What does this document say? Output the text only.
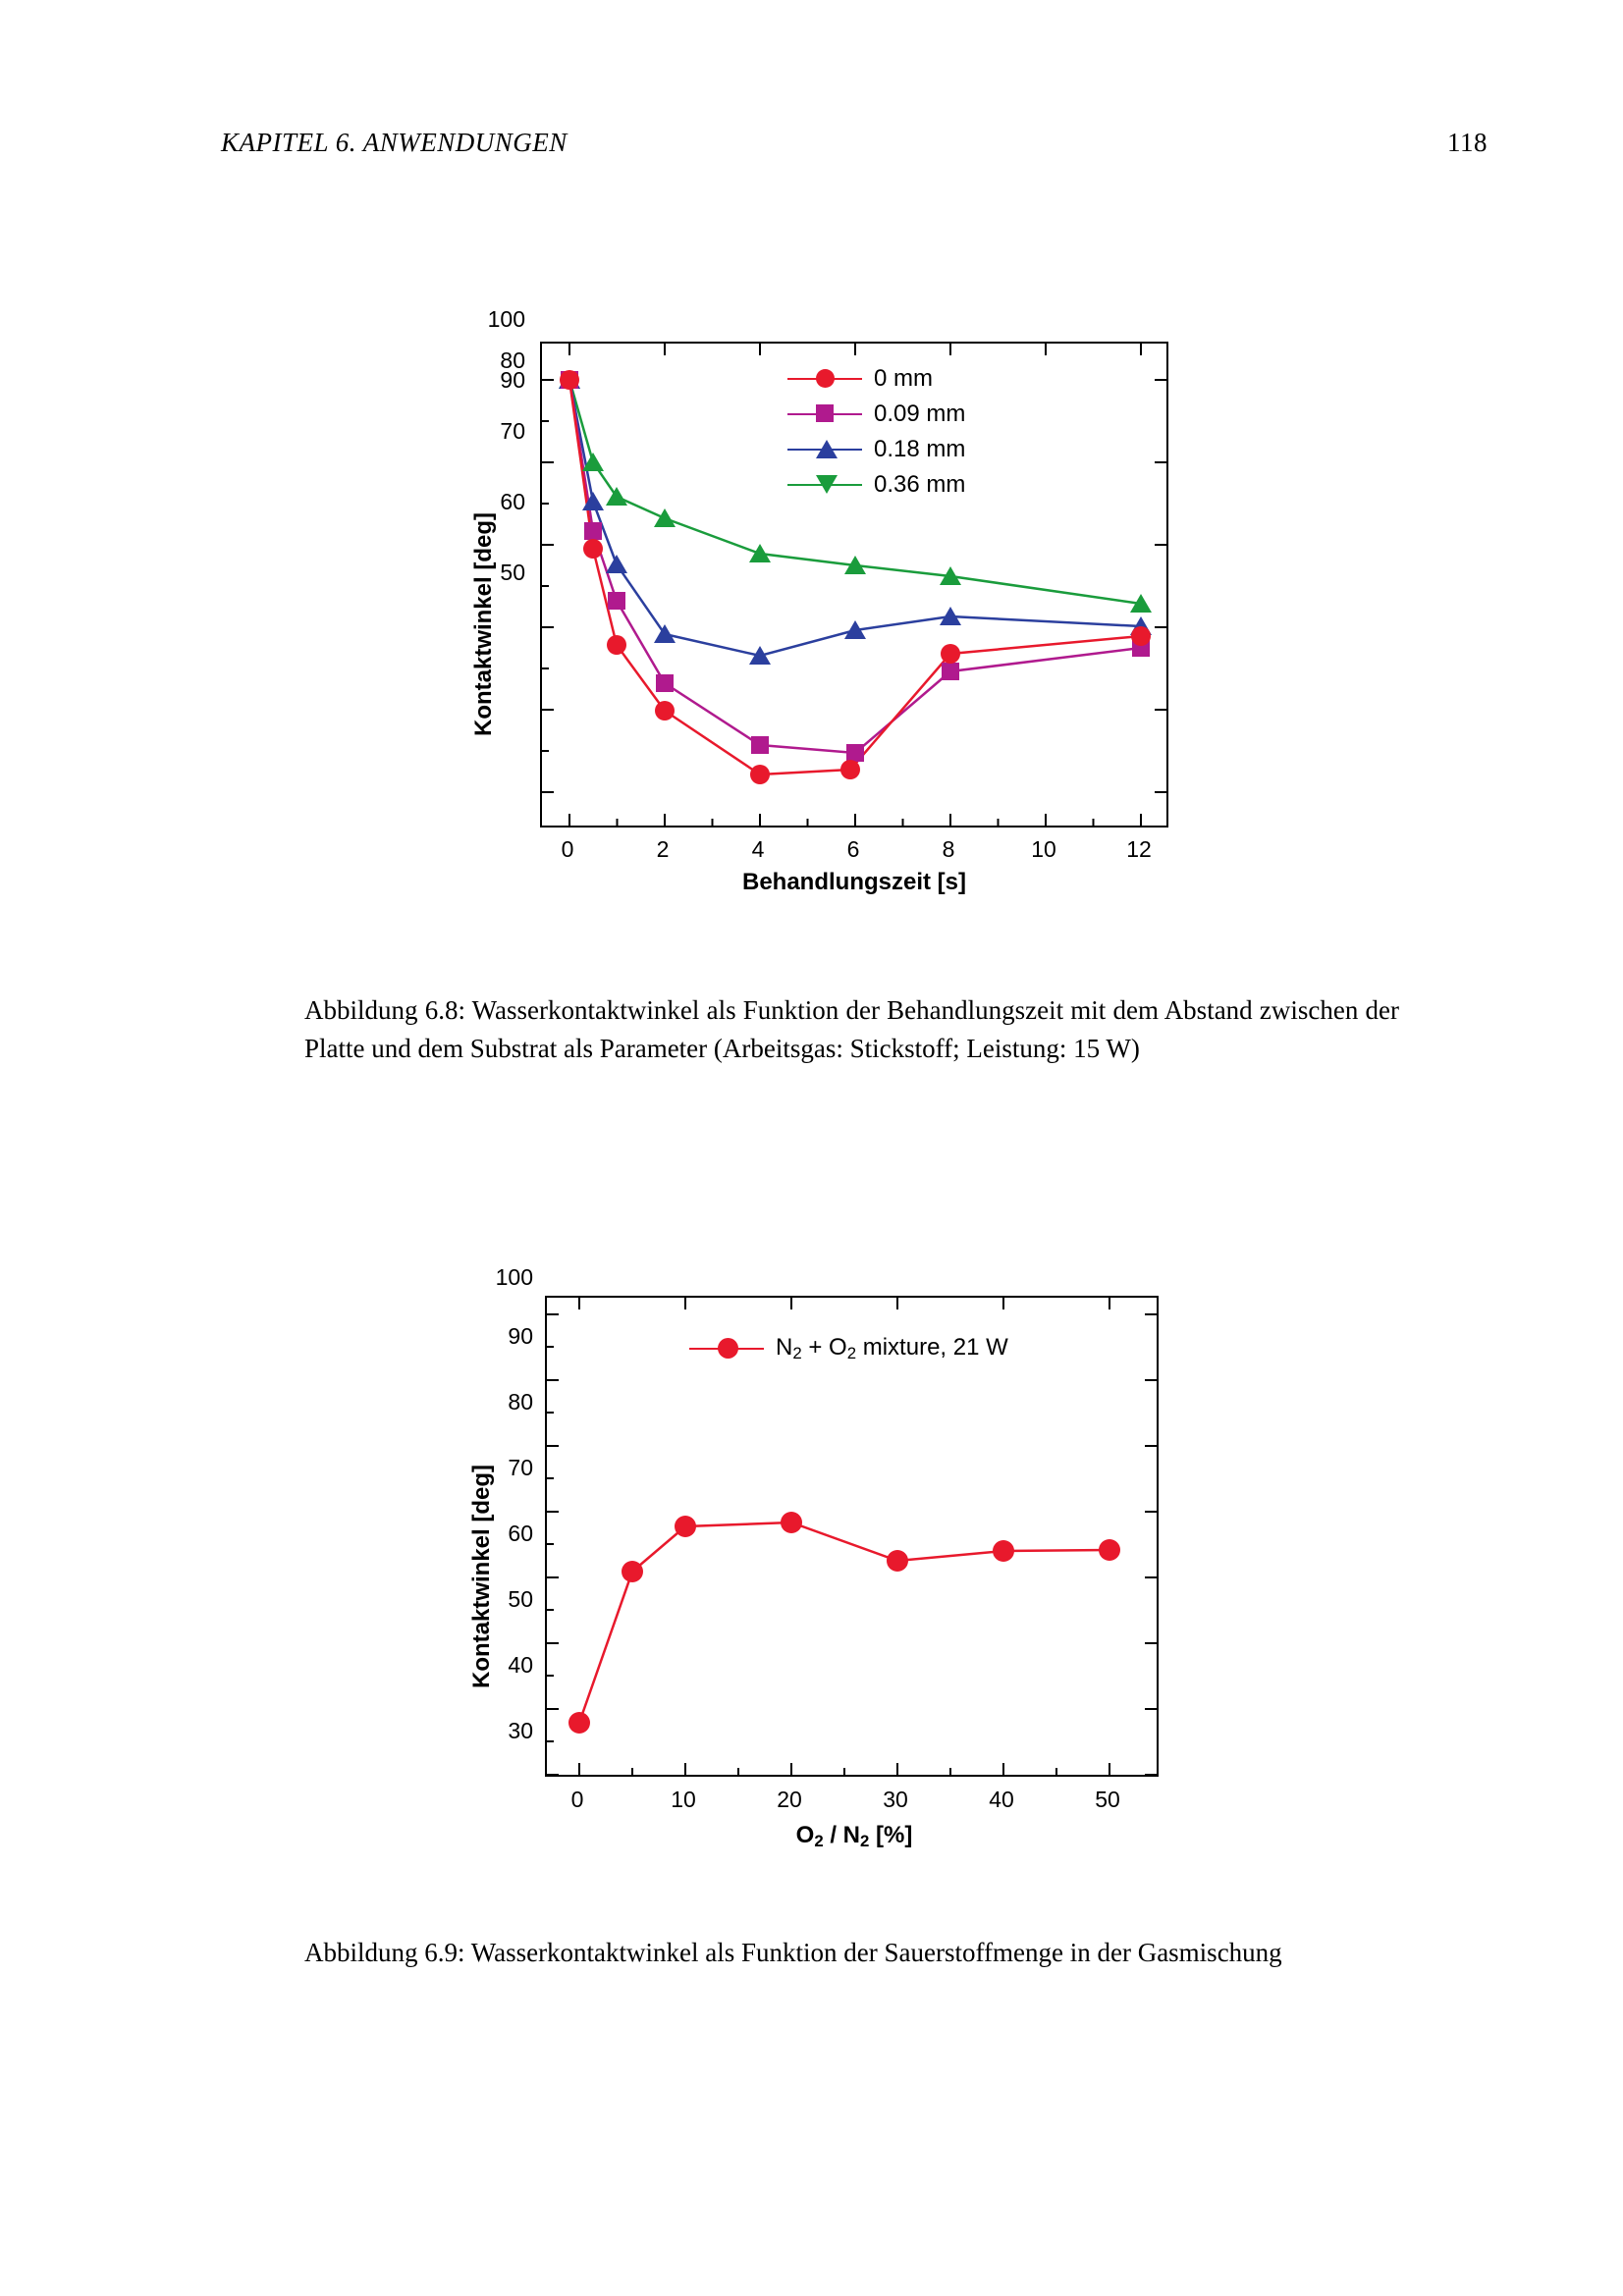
KAPITEL 6. ANWENDUNGEN	118
Kontaktwinkel [deg] 50
60
70
80
0 mm
0.09 mm
0.18 mm
0.36 mm
90
100
0	2	4	6	8	10	12
Behandlungszeit [s]
Abbildung 6.8: Wasserkontaktwinkel als Funktion der Behandlungszeit mit dem Abstand zwischen der Platte und dem Substrat als Parameter (Arbeitsgas: Stickstoff; Leistung: 15 W)
Kontaktwinkel [deg]
100
90
80
70
60
50
40
30
$N_2 + O_2$ mixture, 21 W
0	10	20	30	40	50
$O_2 / N_2$ [%]
Abbildung 6.9: Wasserkontaktwinkel als Funktion der Sauerstoffmenge in der Gasmischung
